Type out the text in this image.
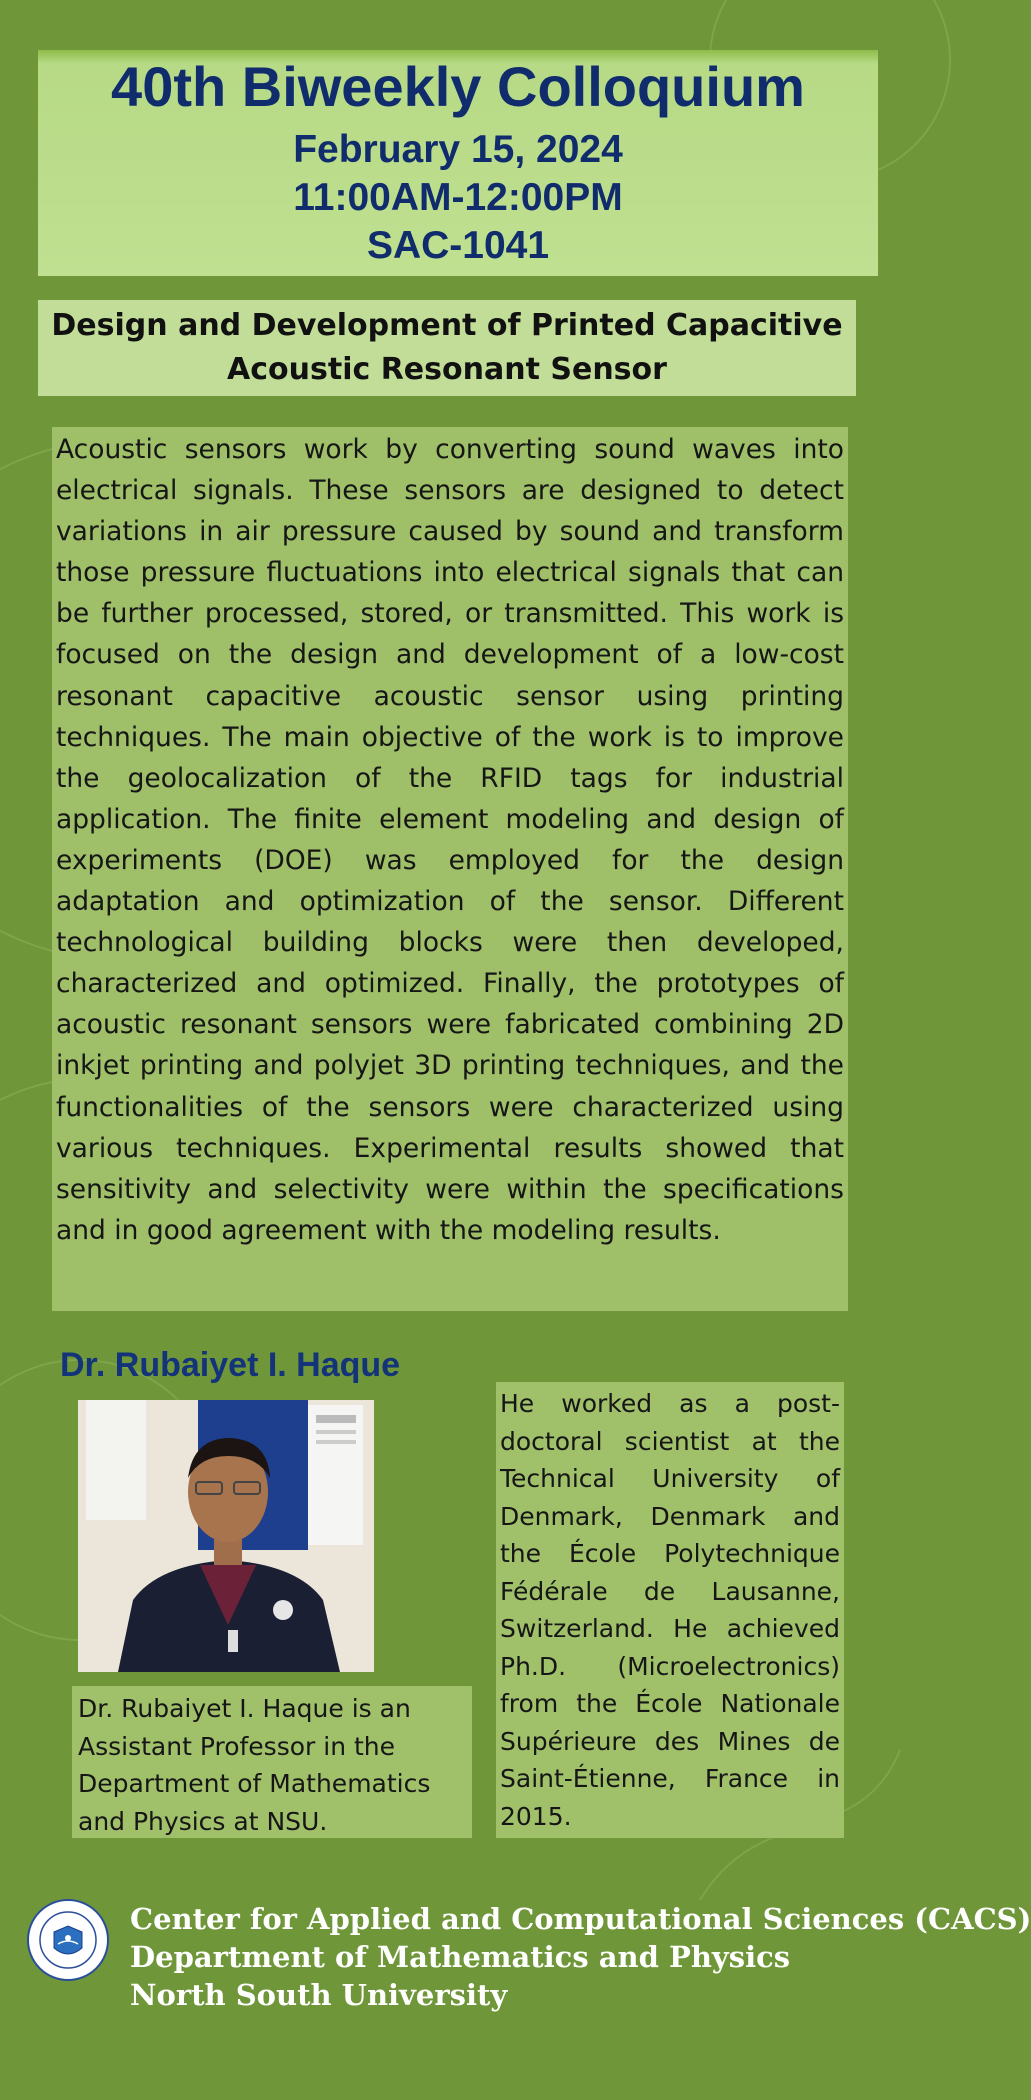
40th Biweekly Colloquium
February 15, 2024
11:00AM-12:00PM
SAC-1041
Design and Development of Printed Capacitive
Acoustic Resonant Sensor
Acoustic sensors work by converting sound waves into electrical signals. These sensors are designed to detect variations in air pressure caused by sound and transform those pressure fluctuations into electrical signals that can be further processed, stored, or transmitted. This work is focused on the design and development of a low-cost resonant capacitive acoustic sensor using printing techniques. The main objective of the work is to improve the geolocalization of the RFID tags for industrial application. The finite element modeling and design of experiments (DOE) was employed for the design adaptation and optimization of the sensor. Different technological building blocks were then developed, characterized and optimized. Finally, the prototypes of acoustic resonant sensors were fabricated combining 2D inkjet printing and polyjet 3D printing techniques, and the functionalities of the sensors were characterized using various techniques. Experimental results showed that sensitivity and selectivity were within the specifications and in good agreement with the modeling results.
Dr. Rubaiyet I. Haque
Dr. Rubaiyet I. Haque is an Assistant Professor in the Department of Mathematics and Physics at NSU.
He worked as a post-doctoral scientist at the Technical University of Denmark, Denmark and the École Polytechnique Fédérale de Lausanne, Switzerland. He achieved Ph.D. (Microelectronics) from the École Nationale Supérieure des Mines de Saint-Étienne, France in 2015.
Center for Applied and Computational Sciences (CACS)
Department of Mathematics and Physics
North South University
